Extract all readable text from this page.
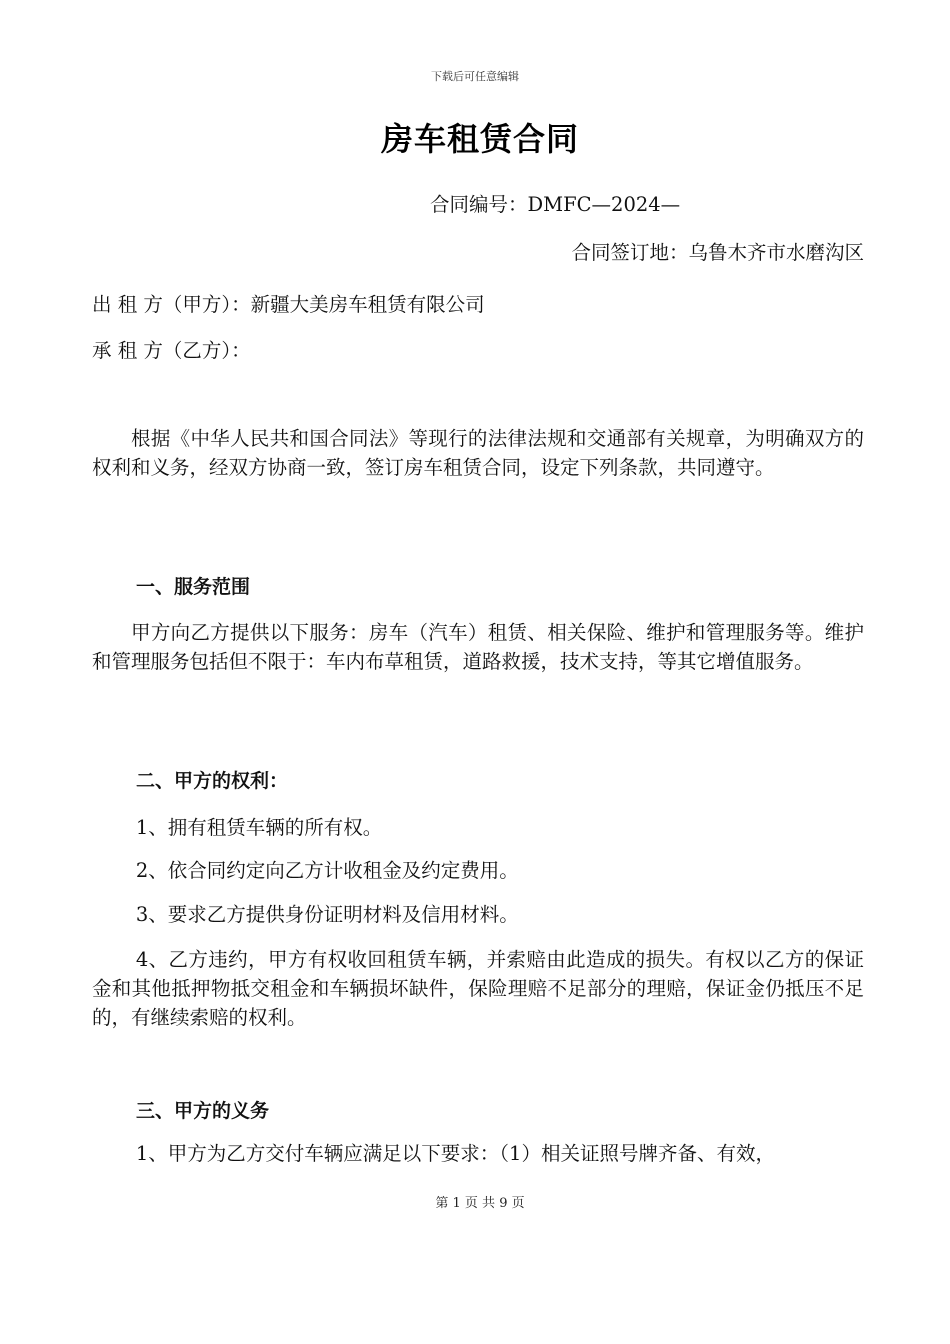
下载后可任意编辑
房车租赁合同
合同编号：DMFC—2024—
合同签订地：乌鲁木齐市水磨沟区
出 租 方（甲方）：新疆大美房车租赁有限公司
承 租 方（乙方）：
根据《中华人民共和国合同法》等现行的法律法规和交通部有关规章，为明确双方的权利和义务，经双方协商一致，签订房车租赁合同，设定下列条款，共同遵守。
一、服务范围
甲方向乙方提供以下服务：房车（汽车）租赁、相关保险、维护和管理服务等。维护和管理服务包括但不限于：车内布草租赁，道路救援，技术支持，等其它增值服务。
二、甲方的权利：
1、拥有租赁车辆的所有权。
2、依合同约定向乙方计收租金及约定费用。
3、要求乙方提供身份证明材料及信用材料。
4、乙方违约，甲方有权收回租赁车辆，并索赔由此造成的损失。有权以乙方的保证金和其他抵押物抵交租金和车辆损坏缺件，保险理赔不足部分的理赔，保证金仍抵压不足的，有继续索赔的权利。
三、甲方的义务
1、甲方为乙方交付车辆应满足以下要求：（1）相关证照号牌齐备、有效，
第 1 页 共 9 页
